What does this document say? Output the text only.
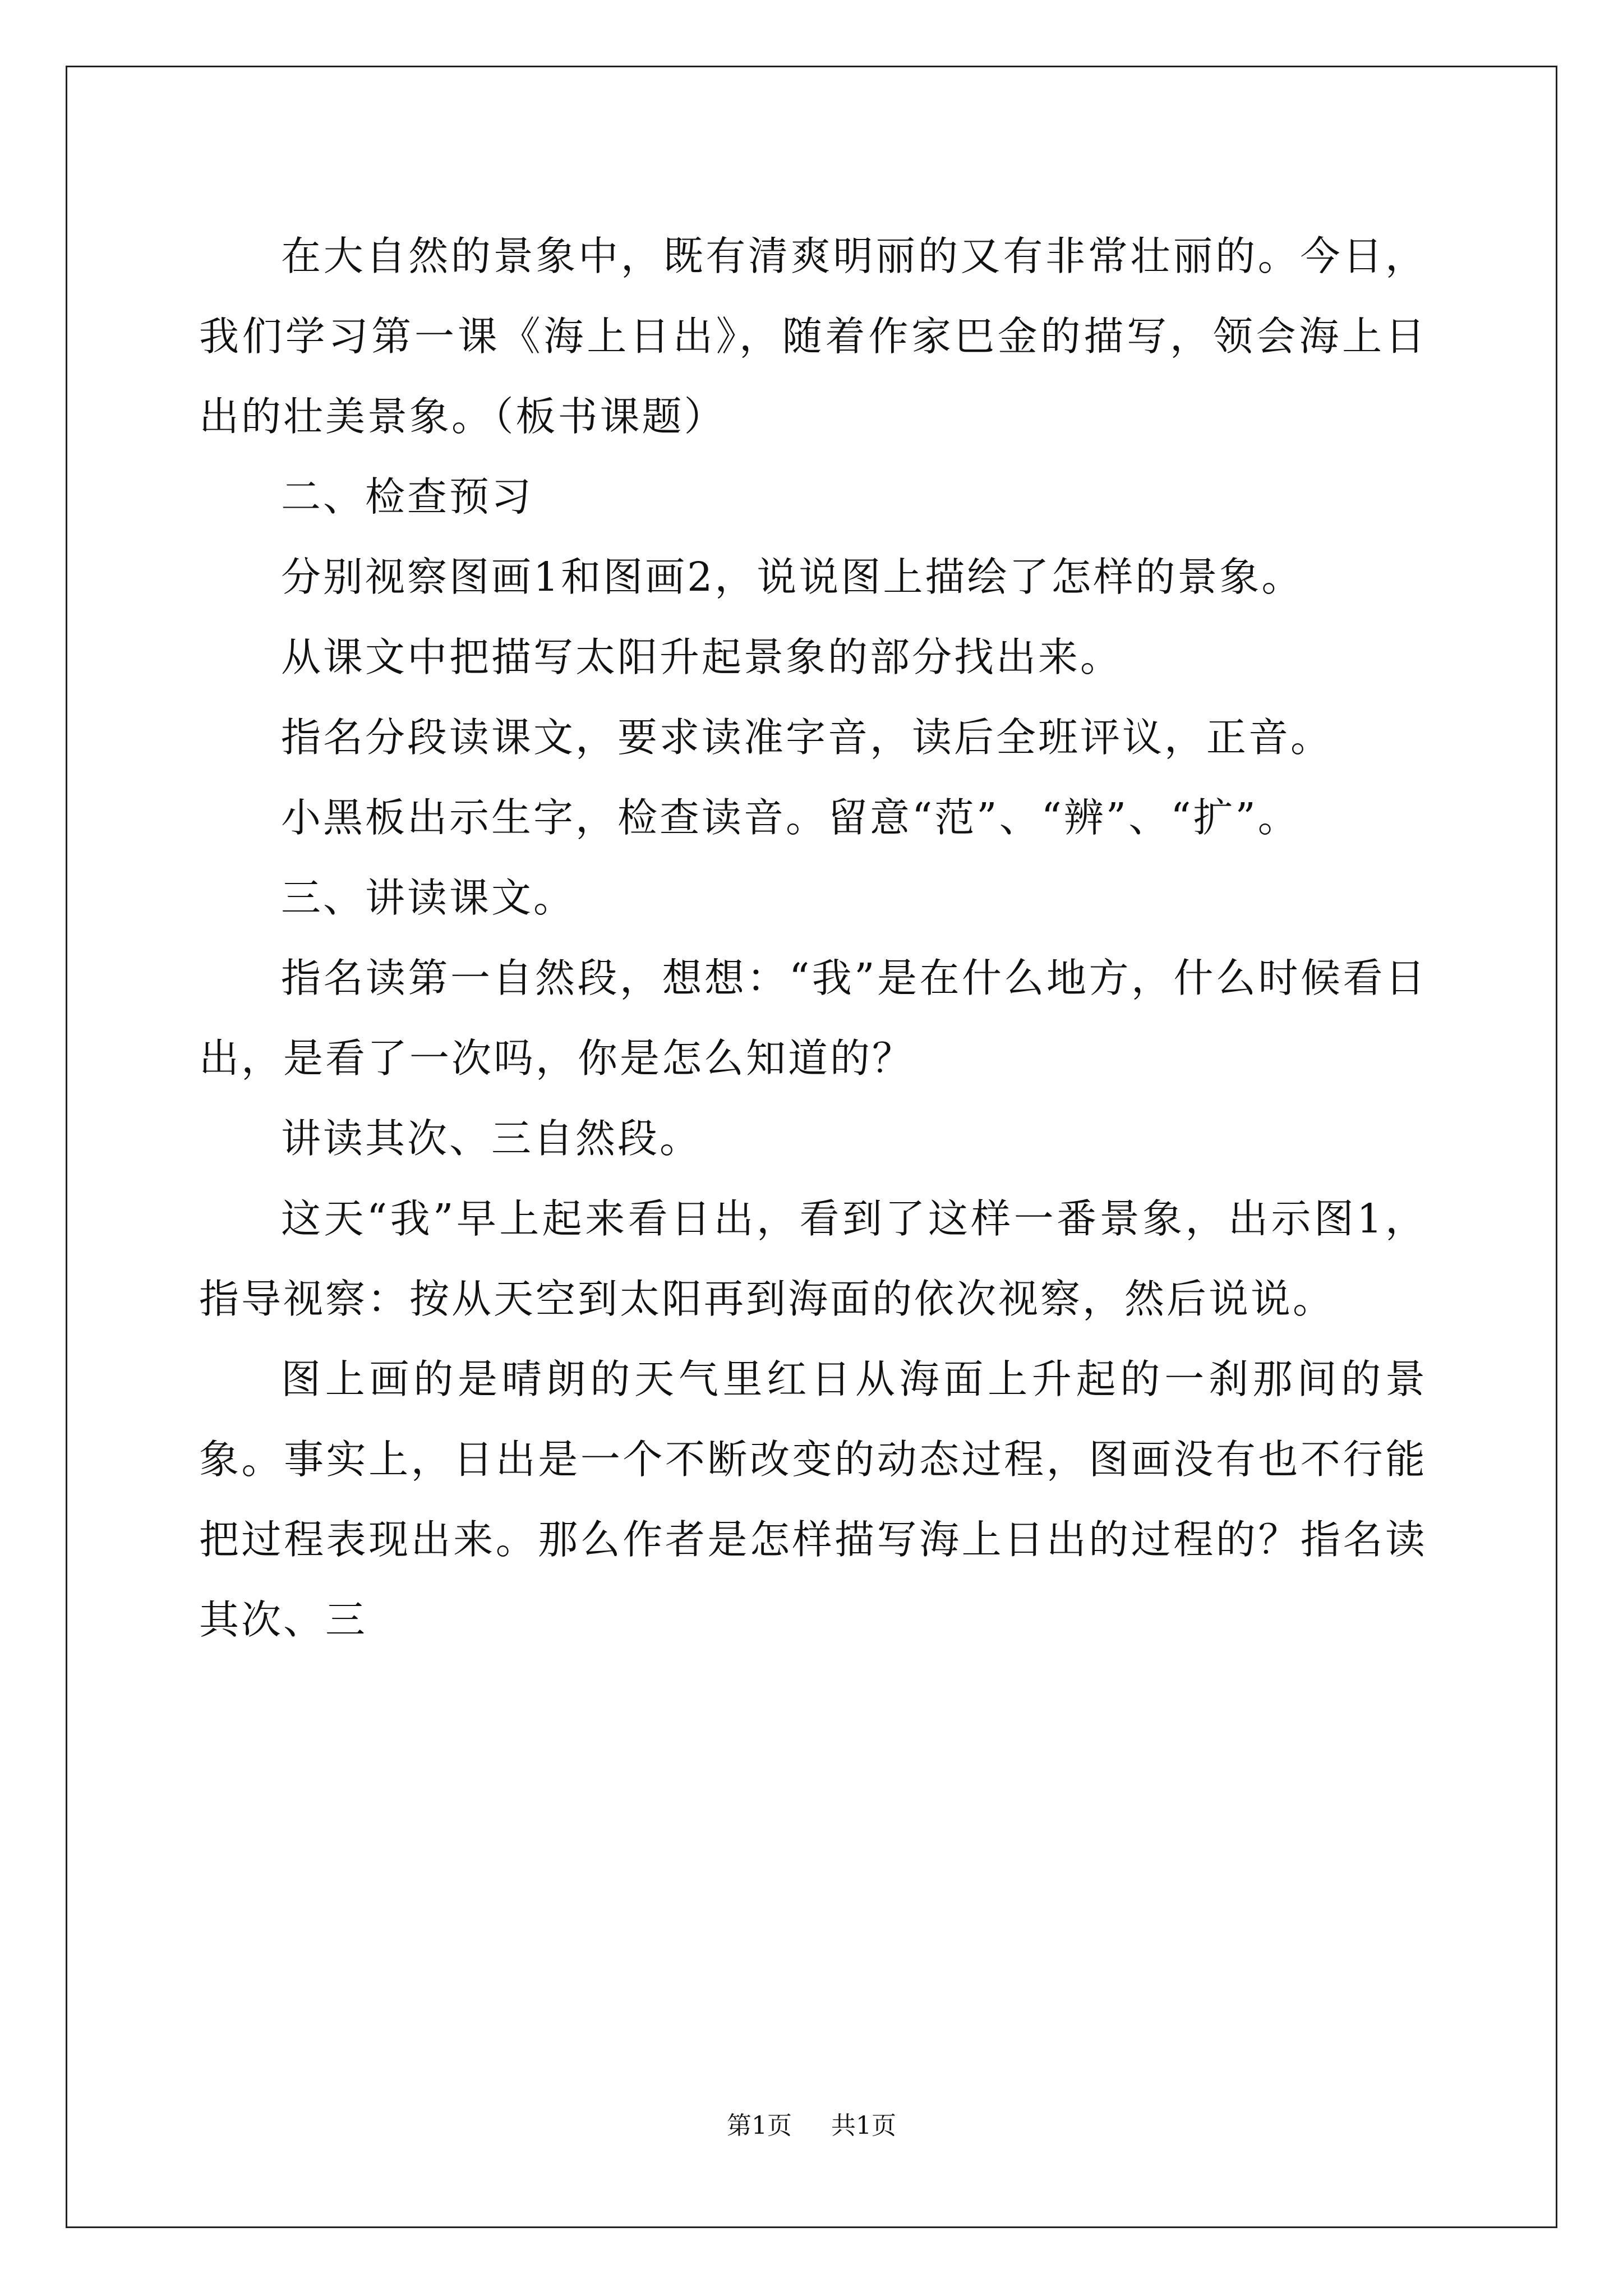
在大自然的景象中，既有清爽明丽的又有非常壮丽的。今日，我们学习第一课《海上日出》，随着作家巴金的描写，领会海上日出的壮美景象。（板书课题）

二、检查预习

分别视察图画1和图画2，说说图上描绘了怎样的景象。

从课文中把描写太阳升起景象的部分找出来。

指名分段读课文，要求读准字音，读后全班评议，正音。

小黑板出示生字，检查读音。留意“范”、“辨”、“扩”。

三、讲读课文。

指名读第一自然段，想想：“我”是在什么地方，什么时候看日出，是看了一次吗，你是怎么知道的？

讲读其次、三自然段。

这天“我”早上起来看日出，看到了这样一番景象，出示图1，指导视察：按从天空到太阳再到海面的依次视察，然后说说。

图上画的是晴朗的天气里红日从海面上升起的一刹那间的景象。事实上，日出是一个不断改变的动态过程，图画没有也不行能把过程表现出来。那么作者是怎样描写海上日出的过程的？指名读其次、三

第1页 共1页
